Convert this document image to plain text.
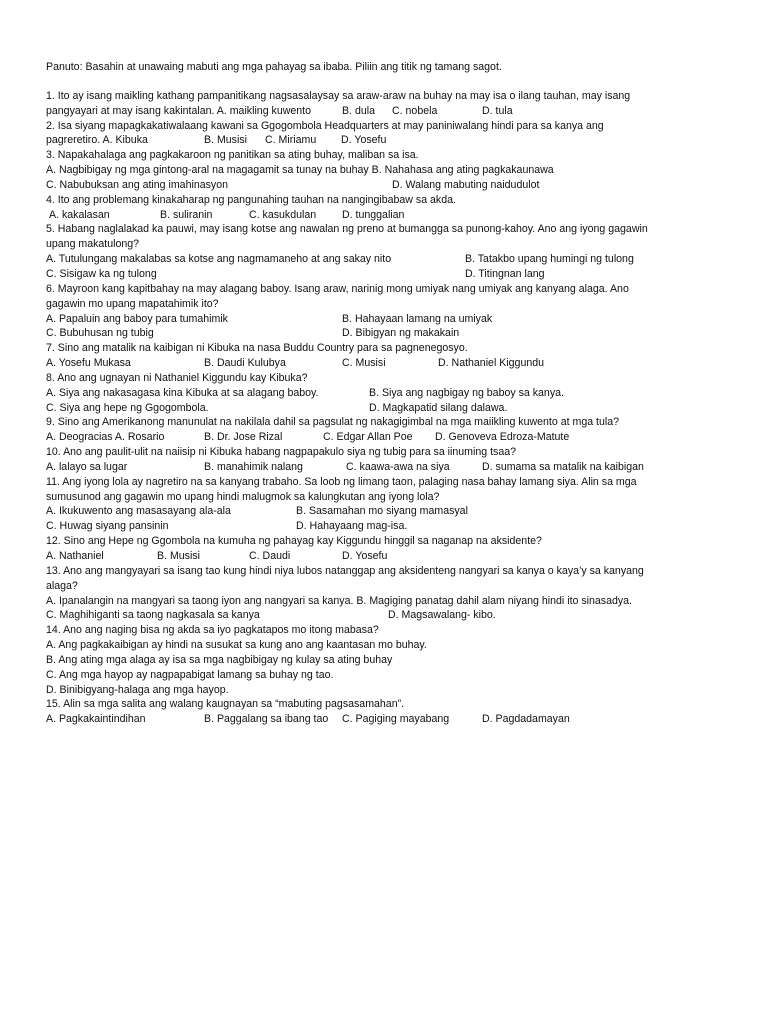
Panuto: Basahin at unawaing mabuti ang mga pahayag sa ibaba. Piliin ang titik ng tamang sagot.
1. Ito ay isang maikling kathang pampanitikang nagsasalaysay sa araw-araw na buhay na may isa o ilang tauhan, may isang
pangyayari at may isang kakintalan. A. maikling kuwento	B. dula C. nobela	D. tula
2. Isa siyang mapagkakatiwalaang kawani sa Ggogombola Headquarters at may paniniwalang hindi para sa kanya ang
pagreretiro. A. Kibuka	B. Musisi C. Miriamu D. Yosefu
3. Napakahalaga ang pagkakaroon ng panitikan sa ating buhay, maliban sa isa.
A. Nagbibigay ng mga gintong-aral na magagamit sa tunay na buhay B. Nahahasa ang ating pagkakaunawa
C. Nabubuksan ang ating imahinasyon	D. Walang mabuting naidudulot
4. Ito ang problemang kinakaharap ng pangunahing tauhan na nangingibabaw sa akda.
A. kakalasan	B. suliranin	C. kasukdulan D. tunggalian
5. Habang naglalakad ka pauwi, may isang kotse ang nawalan ng preno at bumangga sa punong-kahoy. Ano ang iyong gagawin
upang makatulong?
A. Tutulungang makalabas sa kotse ang nagmamaneho at ang sakay nito	B. Tatakbo upang humingi ng tulong
C. Sisigaw ka ng tulong	D. Titingnan lang
6. Mayroon kang kapitbahay na may alagang baboy. Isang araw, narinig mong umiyak nang umiyak ang kanyang alaga. Ano
gagawin mo upang mapatahimik ito?
A. Papaluin ang baboy para tumahimik	B. Hahayaan lamang na umiyak
C. Bubuhusan ng tubig	D. Bibigyan ng makakain
7. Sino ang matalik na kaibigan ni Kibuka na nasa Buddu Country para sa pagnenegosyo.
A. Yosefu Mukasa	B. Daudi Kulubya	C. Musisi	D. Nathaniel Kiggundu
8. Ano ang ugnayan ni Nathaniel Kiggundu kay Kibuka?
A. Siya ang nakasagasa kina Kibuka at sa alagang baboy.	B. Siya ang nagbigay ng baboy sa kanya.
C. Siya ang hepe ng Ggogombola.	D. Magkapatid silang dalawa.
9. Sino ang Amerikanong manunulat na nakilala dahil sa pagsulat ng nakagigimbal na mga maiikling kuwento at mga tula?
A. Deogracias A. Rosario	B. Dr. Jose Rizal	C. Edgar Allan Poe D. Genoveva Edroza-Matute
10. Ano ang paulit-ulit na naiisip ni Kibuka habang nagpapakulo siya ng tubig para sa iinuming tsaa?
A. lalayo sa lugar	B. manahimik nalang	C. kaawa-awa na siya	D. sumama sa matalik na kaibigan
11. Ang iyong lola ay nagretiro na sa kanyang trabaho. Sa loob ng limang taon, palaging nasa bahay lamang siya. Alin sa mga
sumusunod ang gagawin mo upang hindi malugmok sa kalungkutan ang iyong lola?
A. Ikukuwento ang masasayang ala-ala	B. Sasamahan mo siyang mamasyal
C. Huwag siyang pansinin	D. Hahayaang mag-isa.
12. Sino ang Hepe ng Ggombola na kumuha ng pahayag kay Kiggundu hinggil sa naganap na aksidente?
A. Nathaniel	B. Musisi	C. Daudi	D. Yosefu
13. Ano ang mangyayari sa isang tao kung hindi niya lubos natanggap ang aksidenteng nangyari sa kanya o kaya’y sa kanyang
alaga?
A. Ipanalangin na mangyari sa taong iyon ang nangyari sa kanya. B. Magiging panatag dahil alam niyang hindi ito sinasadya.
C. Maghihiganti sa taong nagkasala sa kanya	D. Magsawalang- kibo.
14. Ano ang naging bisa ng akda sa iyo pagkatapos mo itong mabasa?
A. Ang pagkakaibigan ay hindi na susukat sa kung ano ang kaantasan mo buhay.
B. Ang ating mga alaga ay isa sa mga nagbibigay ng kulay sa ating buhay
C. Ang mga hayop ay nagpapabigat lamang sa buhay ng tao.
D. Binibigyang-halaga ang mga hayop.
15. Alin sa mga salita ang walang kaugnayan sa “mabuting pagsasamahan”.
A. Pagkakaintindihan	B. Paggalang sa ibang tao C. Pagiging mayabang	D. Pagdadamayan
